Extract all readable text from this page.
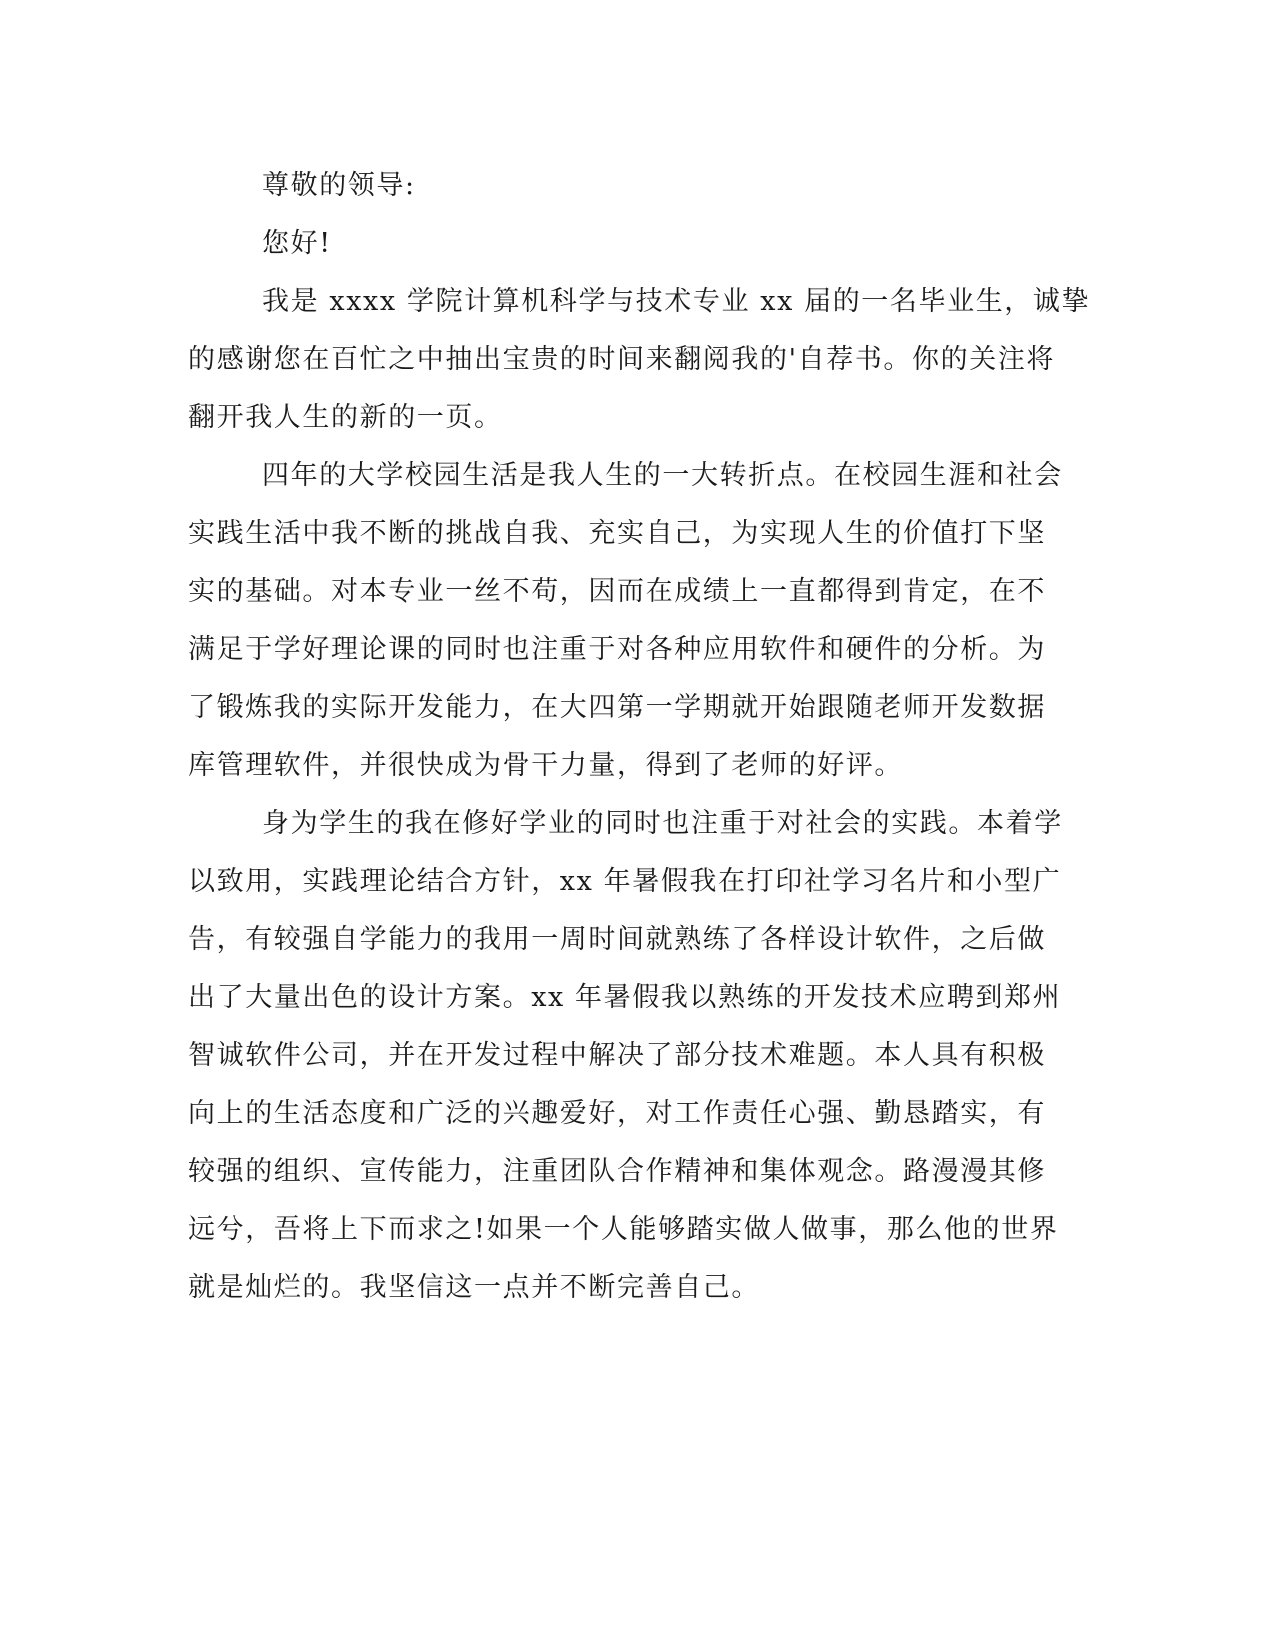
尊敬的领导:
您好!
我是 xxxx 学院计算机科学与技术专业 xx 届的一名毕业生，诚挚
的感谢您在百忙之中抽出宝贵的时间来翻阅我的'自荐书。你的关注将
翻开我人生的新的一页。
四年的大学校园生活是我人生的一大转折点。在校园生涯和社会
实践生活中我不断的挑战自我、充实自己，为实现人生的价值打下坚
实的基础。对本专业一丝不苟，因而在成绩上一直都得到肯定，在不
满足于学好理论课的同时也注重于对各种应用软件和硬件的分析。为
了锻炼我的实际开发能力，在大四第一学期就开始跟随老师开发数据
库管理软件，并很快成为骨干力量，得到了老师的好评。
身为学生的我在修好学业的同时也注重于对社会的实践。本着学
以致用，实践理论结合方针，xx 年暑假我在打印社学习名片和小型广
告，有较强自学能力的我用一周时间就熟练了各样设计软件，之后做
出了大量出色的设计方案。xx 年暑假我以熟练的开发技术应聘到郑州
智诚软件公司，并在开发过程中解决了部分技术难题。本人具有积极
向上的生活态度和广泛的兴趣爱好，对工作责任心强、勤恳踏实，有
较强的组织、宣传能力，注重团队合作精神和集体观念。路漫漫其修
远兮，吾将上下而求之!如果一个人能够踏实做人做事，那么他的世界
就是灿烂的。我坚信这一点并不断完善自己。
